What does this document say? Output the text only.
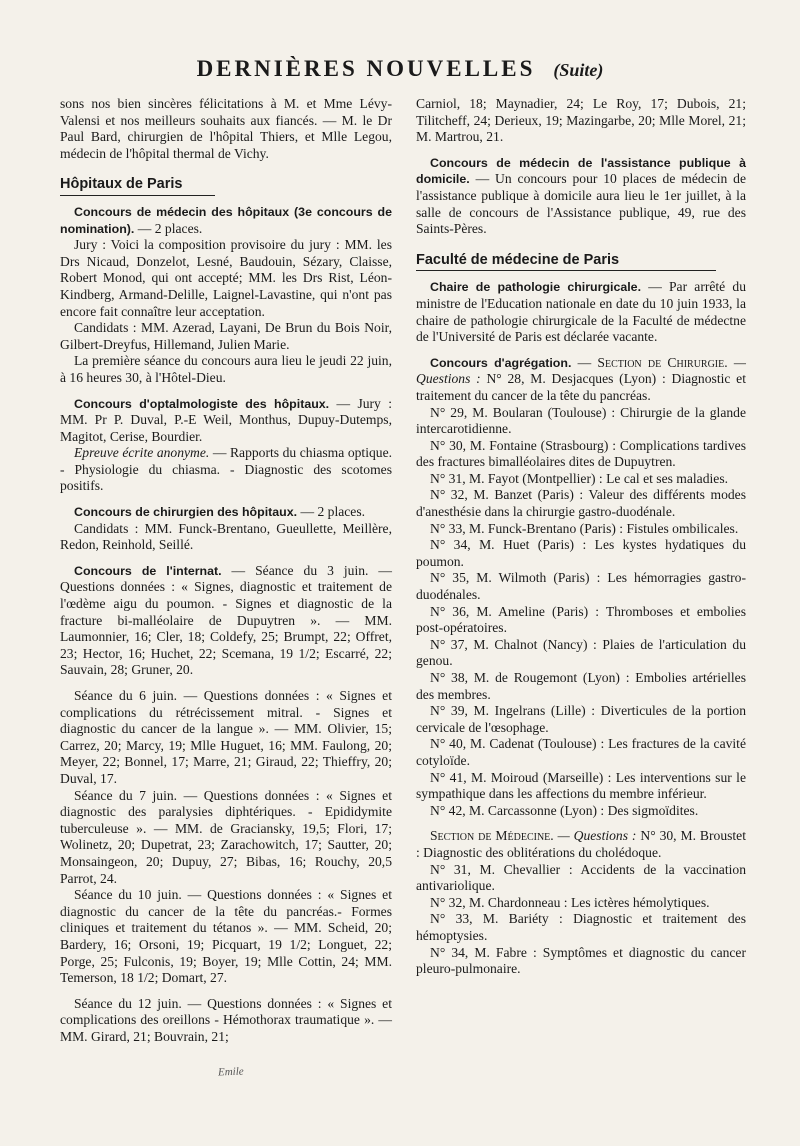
DERNIÈRES NOUVELLES (Suite)

sons nos bien sincères félicitations à M. et Mme Lévy-Valensi et nos meilleurs souhaits aux fiancés. — M. le Dr Paul Bard, chirurgien de l'hôpital Thiers, et Mlle Legou, médecin de l'hôpital thermal de Vichy.

Hôpitaux de Paris

Concours de médecin des hôpitaux (3e concours de nomination). — 2 places.

Jury : Voici la composition provisoire du jury : MM. les Drs Nicaud, Donzelot, Lesné, Baudouin, Sézary, Claisse, Robert Monod, qui ont accepté; MM. les Drs Rist, Léon-Kindberg, Armand-Delille, Laignel-Lavastine, qui n'ont pas encore fait connaître leur acceptation.

Candidats : MM. Azerad, Layani, De Brun du Bois Noir, Gilbert-Dreyfus, Hillemand, Julien Marie.

La première séance du concours aura lieu le jeudi 22 juin, à 16 heures 30, à l'Hôtel-Dieu.

Concours d'optalmologiste des hôpitaux. — Jury : MM. Pr P. Duval, P.-E Weil, Monthus, Dupuy-Dutemps, Magitot, Cerise, Bourdier.

Epreuve écrite anonyme. — Rapports du chiasma optique. - Physiologie du chiasma. - Diagnostic des scotomes positifs.

Concours de chirurgien des hôpitaux. — 2 places.

Candidats : MM. Funck-Brentano, Gueullette, Meillère, Redon, Reinhold, Seillé.

Concours de l'internat. — Séance du 3 juin. — Questions données : « Signes, diagnostic et traitement de l'œdème aigu du poumon. - Signes et diagnostic de la fracture bi-malléolaire de Dupuytren ». — MM. Laumonnier, 16; Cler, 18; Coldefy, 25; Brumpt, 22; Offret, 23; Hector, 16; Huchet, 22; Scemana, 19 1/2; Escarré, 22; Sauvain, 28; Gruner, 20.

Séance du 6 juin. — Questions données : « Signes et complications du rétrécissement mitral. - Signes et diagnostic du cancer de la langue ». — MM. Olivier, 15; Carrez, 20; Marcy, 19; Mlle Huguet, 16; MM. Faulong, 20; Meyer, 22; Bonnel, 17; Marre, 21; Giraud, 22; Thieffry, 20; Duval, 17.

Séance du 7 juin. — Questions données : « Signes et diagnostic des paralysies diphtériques. - Epididymite tuberculeuse ». — MM. de Graciansky, 19,5; Flori, 17; Wolinetz, 20; Dupetrat, 23; Zarachowitch, 17; Sautter, 20; Monsaingeon, 20; Dupuy, 27; Bibas, 16; Rouchy, 20,5 Parrot, 24.

Séance du 10 juin. — Questions données : « Signes et diagnostic du cancer de la tête du pancréas.- Formes cliniques et traitement du tétanos ». — MM. Scheid, 20; Bardery, 16; Orsoni, 19; Picquart, 19 1/2; Longuet, 22; Porge, 25; Fulconis, 19; Boyer, 19; Mlle Cottin, 24; MM. Temerson, 18 1/2; Domart, 27.

Séance du 12 juin. — Questions données : « Signes et complications des oreillons - Hémothorax traumatique ». — MM. Girard, 21; Bouvrain, 21;

Emile

Carniol, 18; Maynadier, 24; Le Roy, 17; Dubois, 21; Tilitcheff, 24; Derieux, 19; Mazingarbe, 20; Mlle Morel, 21; M. Martrou, 21.

Concours de médecin de l'assistance publique à domicile. — Un concours pour 10 places de médecin de l'assistance publique à domicile aura lieu le 1er juillet, à la salle de concours de l'Assistance publique, 49, rue des Saints-Pères.

Faculté de médecine de Paris

Chaire de pathologie chirurgicale. — Par arrêté du ministre de l'Education nationale en date du 10 juin 1933, la chaire de pathologie chirurgicale de la Faculté de médectne de l'Université de Paris est déclarée vacante.

Concours d'agrégation. — Section de Chirurgie. — Questions : N° 28, M. Desjacques (Lyon) : Diagnostic et traitement du cancer de la tête du pancréas.

N° 29, M. Boularan (Toulouse) : Chirurgie de la glande intercarotidienne.

N° 30, M. Fontaine (Strasbourg) : Complications tardives des fractures bimalléolaires dites de Dupuytren.

N° 31, M. Fayot (Montpellier) : Le cal et ses maladies.

N° 32, M. Banzet (Paris) : Valeur des différents modes d'anesthésie dans la chirurgie gastro-duodénale.

N° 33, M. Funck-Brentano (Paris) : Fistules ombilicales.

N° 34, M. Huet (Paris) : Les kystes hydatiques du poumon.

N° 35, M. Wilmoth (Paris) : Les hémorragies gastro-duodénales.

N° 36, M. Ameline (Paris) : Thromboses et embolies post-opératoires.

N° 37, M. Chalnot (Nancy) : Plaies de l'articulation du genou.

N° 38, M. de Rougemont (Lyon) : Embolies artérielles des membres.

N° 39, M. Ingelrans (Lille) : Diverticules de la portion cervicale de l'œsophage.

N° 40, M. Cadenat (Toulouse) : Les fractures de la cavité cotyloïde.

N° 41, M. Moiroud (Marseille) : Les interventions sur le sympathique dans les affections du membre inférieur.

N° 42, M. Carcassonne (Lyon) : Des sigmoïdites.

Section de Médecine. — Questions : N° 30, M. Broustet : Diagnostic des oblitérations du cholédoque.

N° 31, M. Chevallier : Accidents de la vaccination antivariolique.

N° 32, M. Chardonneau : Les ictères hémolytiques.

N° 33, M. Bariéty : Diagnostic et traitement des hémoptysies.

N° 34, M. Fabre : Symptômes et diagnostic du cancer pleuro-pulmonaire.
